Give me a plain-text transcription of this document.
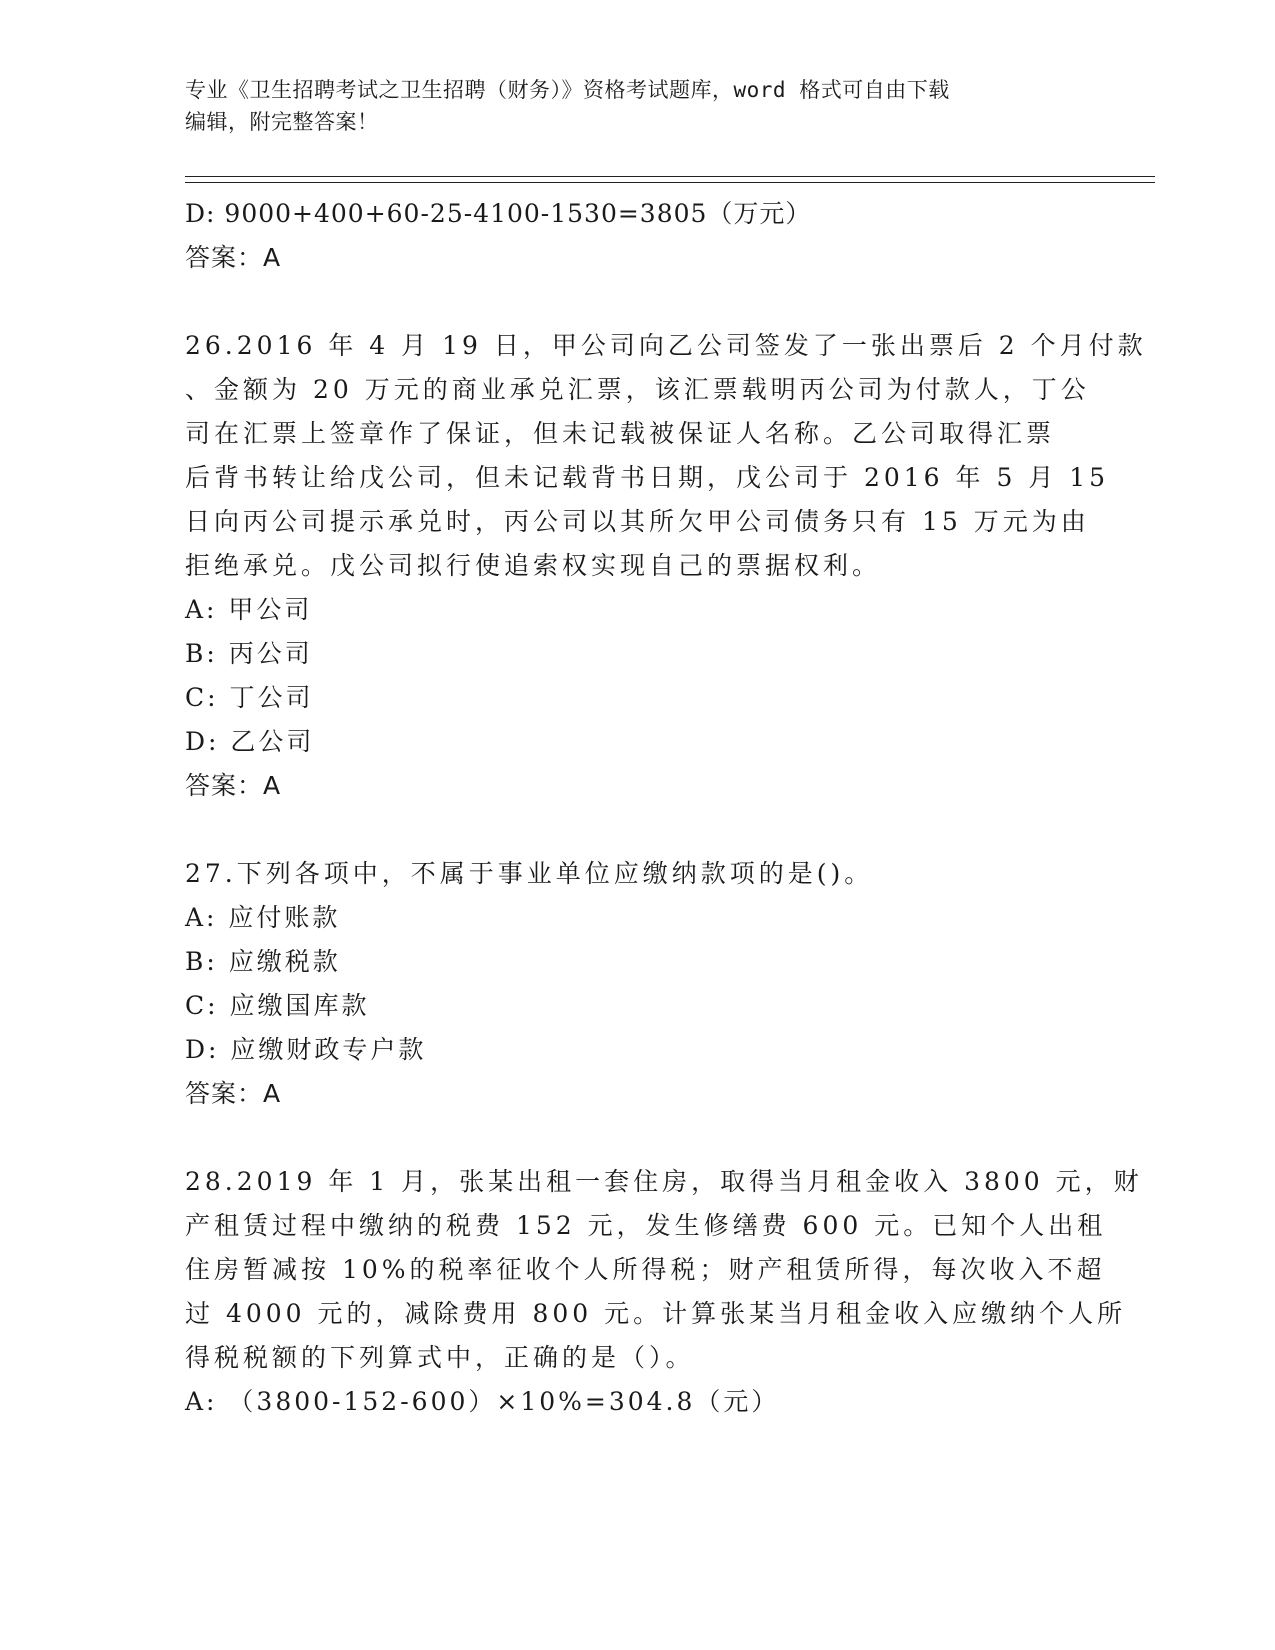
专业《卫生招聘考试之卫生招聘（财务）》资格考试题库，word 格式可自由下载
编辑，附完整答案！
D: 9000+400+60-25-4100-1530=3805（万元）
答案：A
26.2016 年 4 月 19 日，甲公司向乙公司签发了一张出票后 2 个月付款
、金额为 20 万元的商业承兑汇票，该汇票载明丙公司为付款人，丁公
司在汇票上签章作了保证，但未记载被保证人名称。乙公司取得汇票
后背书转让给戊公司，但未记载背书日期，戊公司于 2016 年 5 月 15
日向丙公司提示承兑时，丙公司以其所欠甲公司债务只有 15 万元为由
拒绝承兑。戊公司拟行使追索权实现自己的票据权利。
A: 甲公司
B: 丙公司
C: 丁公司
D: 乙公司
答案：A
27.下列各项中，不属于事业单位应缴纳款项的是()。
A: 应付账款
B: 应缴税款
C: 应缴国库款
D: 应缴财政专户款
答案：A
28.2019 年 1 月，张某出租一套住房，取得当月租金收入 3800 元，财
产租赁过程中缴纳的税费 152 元，发生修缮费 600 元。已知个人出租
住房暂减按 10%的税率征收个人所得税；财产租赁所得，每次收入不超
过 4000 元的，减除费用 800 元。计算张某当月租金收入应缴纳个人所
得税税额的下列算式中，正确的是（）。
A: （3800-152-600）×10%=304.8（元）
